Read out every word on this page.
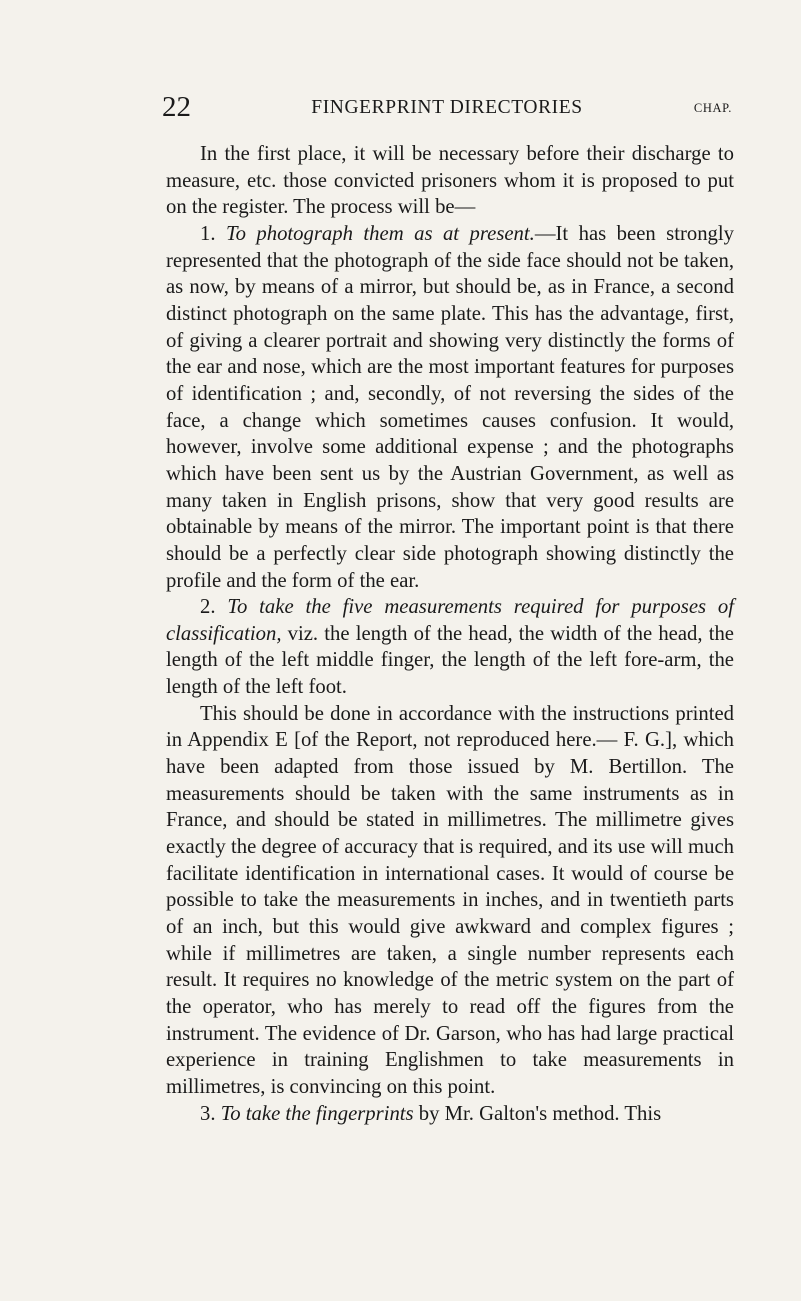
22	FINGERPRINT DIRECTORIES	CHAP.

In the first place, it will be necessary before their discharge to measure, etc. those convicted prisoners whom it is proposed to put on the register. The process will be—

1. To photograph them as at present.—It has been strongly represented that the photograph of the side face should not be taken, as now, by means of a mirror, but should be, as in France, a second distinct photograph on the same plate. This has the advantage, first, of giving a clearer portrait and showing very distinctly the forms of the ear and nose, which are the most important features for purposes of identification ; and, secondly, of not reversing the sides of the face, a change which sometimes causes confusion. It would, however, involve some additional expense ; and the photographs which have been sent us by the Austrian Government, as well as many taken in English prisons, show that very good results are obtainable by means of the mirror. The important point is that there should be a perfectly clear side photograph showing distinctly the profile and the form of the ear.

2. To take the five measurements required for purposes of classification, viz. the length of the head, the width of the head, the length of the left middle finger, the length of the left fore-arm, the length of the left foot.

This should be done in accordance with the instructions printed in Appendix E [of the Report, not reproduced here.— F. G.], which have been adapted from those issued by M. Bertillon. The measurements should be taken with the same instruments as in France, and should be stated in millimetres. The millimetre gives exactly the degree of accuracy that is required, and its use will much facilitate identification in international cases. It would of course be possible to take the measurements in inches, and in twentieth parts of an inch, but this would give awkward and complex figures ; while if millimetres are taken, a single number represents each result. It requires no knowledge of the metric system on the part of the operator, who has merely to read off the figures from the instrument. The evidence of Dr. Garson, who has had large practical experience in training Englishmen to take measurements in millimetres, is convincing on this point.

3. To take the fingerprints by Mr. Galton's method. This
